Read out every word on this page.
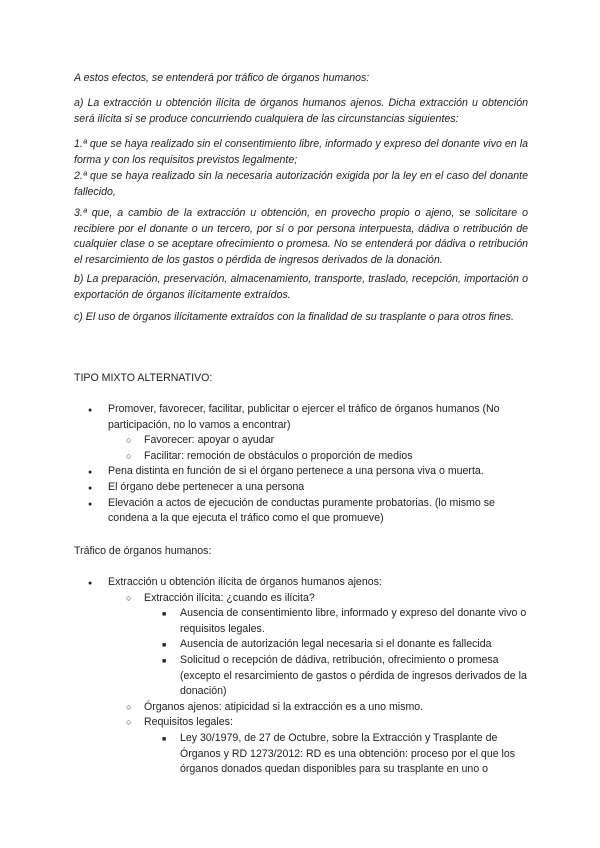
A estos efectos, se entenderá por tráfico de órganos humanos:

a) La extracción u obtención ilícita de órganos humanos ajenos. Dicha extracción u obtención será ilícita si se produce concurriendo cualquiera de las circunstancias siguientes:

1.ª que se haya realizado sin el consentimiento libre, informado y expreso del donante vivo en la forma y con los requisitos previstos legalmente;

2.ª que se haya realizado sin la necesaria autorización exigida por la ley en el caso del donante fallecido,

3.ª que, a cambio de la extracción u obtención, en provecho propio o ajeno, se solicitare o recibiere por el donante o un tercero, por sí o por persona interpuesta, dádiva o retribución de cualquier clase o se aceptare ofrecimiento o promesa. No se entenderá por dádiva o retribución el resarcimiento de los gastos o pérdida de ingresos derivados de la donación.

b) La preparación, preservación, almacenamiento, transporte, traslado, recepción, importación o exportación de órganos ilícitamente extraídos.

c) El uso de órganos ilícitamente extraídos con la finalidad de su trasplante o para otros fines.

TIPO MIXTO ALTERNATIVO:

●
Promover, favorecer, facilitar, publicitar o ejercer el tráfico de órganos humanos (No participación, no lo vamos a encontrar)
○
Favorecer: apoyar o ayudar
○
Facilitar: remoción de obstáculos o proporción de medios
●
Pena distinta en función de si el órgano pertenece a una persona viva o muerta.
●
El órgano debe pertenecer a una persona
●
Elevación a actos de ejecución de conductas puramente probatorias. (lo mismo se condena a la que ejecuta el tráfico como el que promueve)

Tráfico de órganos humanos:

●
Extracción u obtención ilícita de órganos humanos ajenos:
○
Extracción ilícita: ¿cuando es ilícita?
■
Ausencia de consentimiento libre, informado y expreso del donante vivo o requisitos legales.
■
Ausencia de autorización legal necesaria si el donante es fallecida
■
Solicitud o recepción de dádiva, retribución, ofrecimiento o promesa (excepto el resarcimiento de gastos o pérdida de ingresos derivados de la donación)
○
Órganos ajenos: atipicidad si la extracción es a uno mismo.
○
Requisitos legales:
■
Ley 30/1979, de 27 de Octubre, sobre la Extracción y Trasplante de Órganos y RD 1273/2012: RD es una obtención: proceso por el que los órganos donados quedan disponibles para su trasplante en uno o
